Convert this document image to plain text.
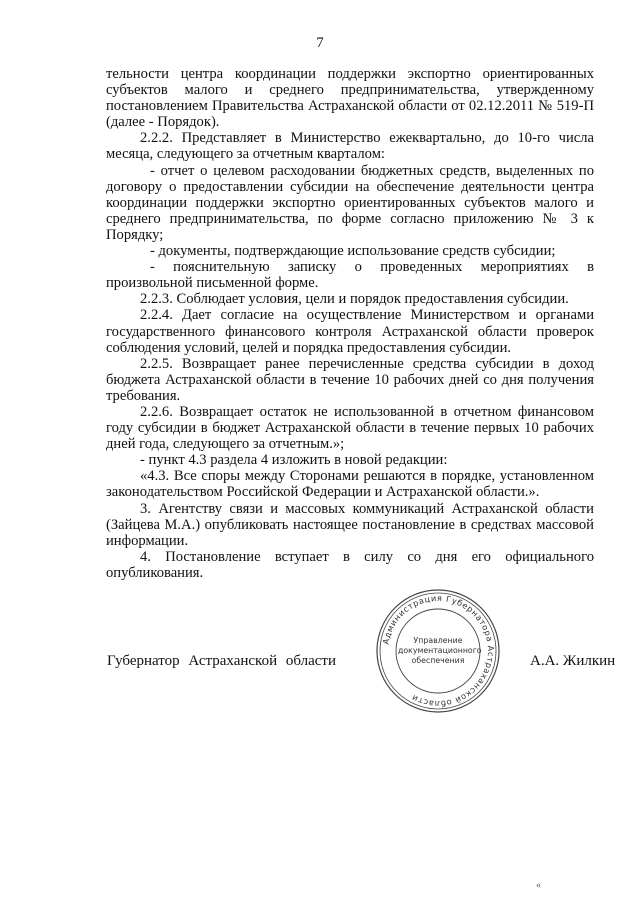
7

тельности центра координации поддержки экспортно ориентированных субъектов малого и среднего предпринимательства, утвержденному постановлением Правительства Астраханской области от 02.12.2011 № 519-П (далее - Порядок).

2.2.2. Представляет в Министерство ежеквартально, до 10-го числа месяца, следующего за отчетным кварталом:

- отчет о целевом расходовании бюджетных средств, выделенных по договору о предоставлении субсидии на обеспечение деятельности центра координации поддержки экспортно ориентированных субъектов малого и среднего предпринимательства, по форме согласно приложению № 3 к Порядку;

- документы, подтверждающие использование средств субсидии;

- пояснительную записку о проведенных мероприятиях в произвольной письменной форме.

2.2.3. Соблюдает условия, цели и порядок предоставления субсидии.

2.2.4. Дает согласие на осуществление Министерством и органами государственного финансового контроля Астраханской области проверок соблюдения условий, целей и порядка предоставления субсидии.

2.2.5. Возвращает ранее перечисленные средства субсидии в доход бюджета Астраханской области в течение 10 рабочих дней со дня получения требования.

2.2.6. Возвращает остаток не использованной в отчетном финансовом году субсидии в бюджет Астраханской области в течение первых 10 рабочих дней года, следующего за отчетным.»;

- пункт 4.3 раздела 4 изложить в новой редакции:

«4.3. Все споры между Сторонами решаются в порядке, установленном законодательством Российской Федерации и Астраханской области.».

3. Агентству связи и массовых коммуникаций Астраханской области (Зайцева М.А.) опубликовать настоящее постановление в средствах массовой информации.

4. Постановление вступает в силу со дня его официального опубликования.

Губернатор Астраханской области	А.А. Жилкин
Администрация Губернатора Астраханской области
Управление документационного обеспечения
«
